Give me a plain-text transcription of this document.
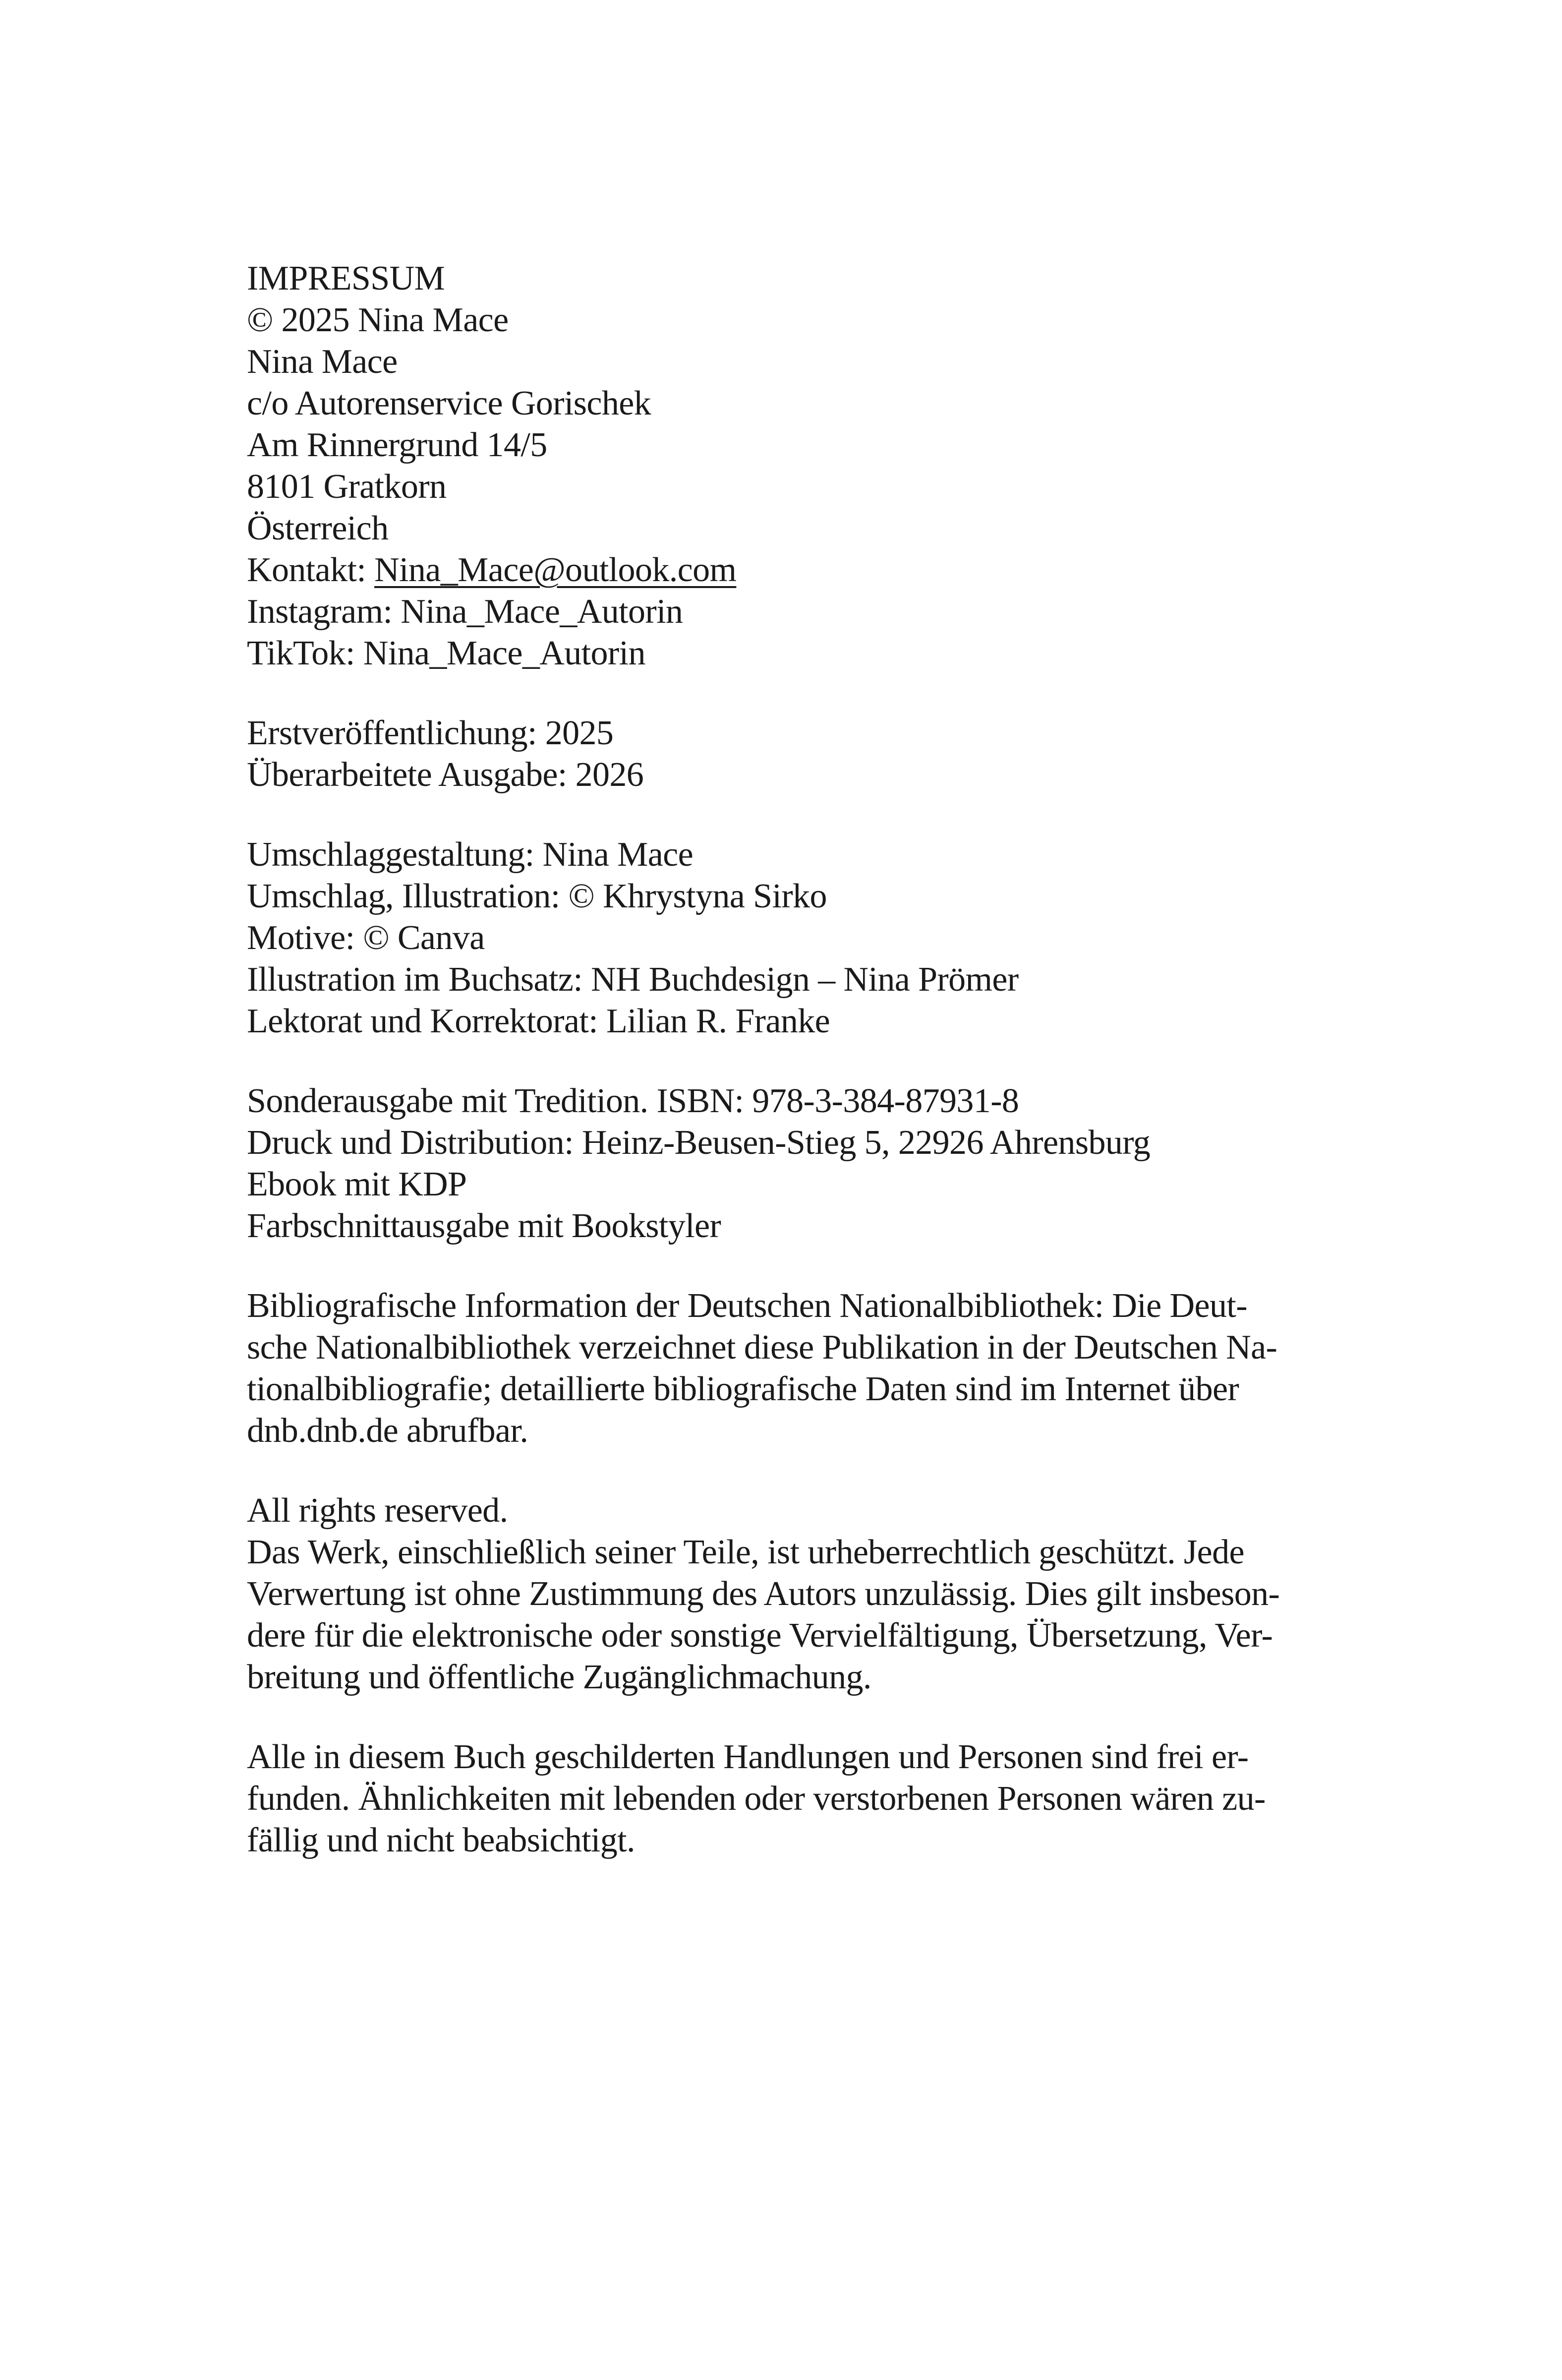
IMPRESSUM
© 2025 Nina Mace
Nina Mace
c/o Autorenservice Gorischek
Am Rinnergrund 14/5
8101 Gratkorn
Österreich
Kontakt: Nina_Mace@outlook.com
Instagram: Nina_Mace_Autorin
TikTok: Nina_Mace_Autorin
Erstveröffentlichung: 2025
Überarbeitete Ausgabe: 2026
Umschlaggestaltung: Nina Mace
Umschlag, Illustration: © Khrystyna Sirko
Motive: © Canva
Illustration im Buchsatz: NH Buchdesign – Nina Prömer
Lektorat und Korrektorat: Lilian R. Franke
Sonderausgabe mit Tredition. ISBN: 978-3-384-87931-8
Druck und Distribution: Heinz-Beusen-Stieg 5, 22926 Ahrensburg
Ebook mit KDP
Farbschnittausgabe mit Bookstyler
Bibliografische Information der Deutschen Nationalbibliothek: Die Deut-
sche Nationalbibliothek verzeichnet diese Publikation in der Deutschen Na-
tionalbibliografie; detaillierte bibliografische Daten sind im Internet über
dnb.dnb.de abrufbar.
All rights reserved.
Das Werk, einschließlich seiner Teile, ist urheberrechtlich geschützt. Jede
Verwertung ist ohne Zustimmung des Autors unzulässig. Dies gilt insbeson-
dere für die elektronische oder sonstige Vervielfältigung, Übersetzung, Ver-
breitung und öffentliche Zugänglichmachung.
Alle in diesem Buch geschilderten Handlungen und Personen sind frei er-
funden. Ähnlichkeiten mit lebenden oder verstorbenen Personen wären zu-
fällig und nicht beabsichtigt.
